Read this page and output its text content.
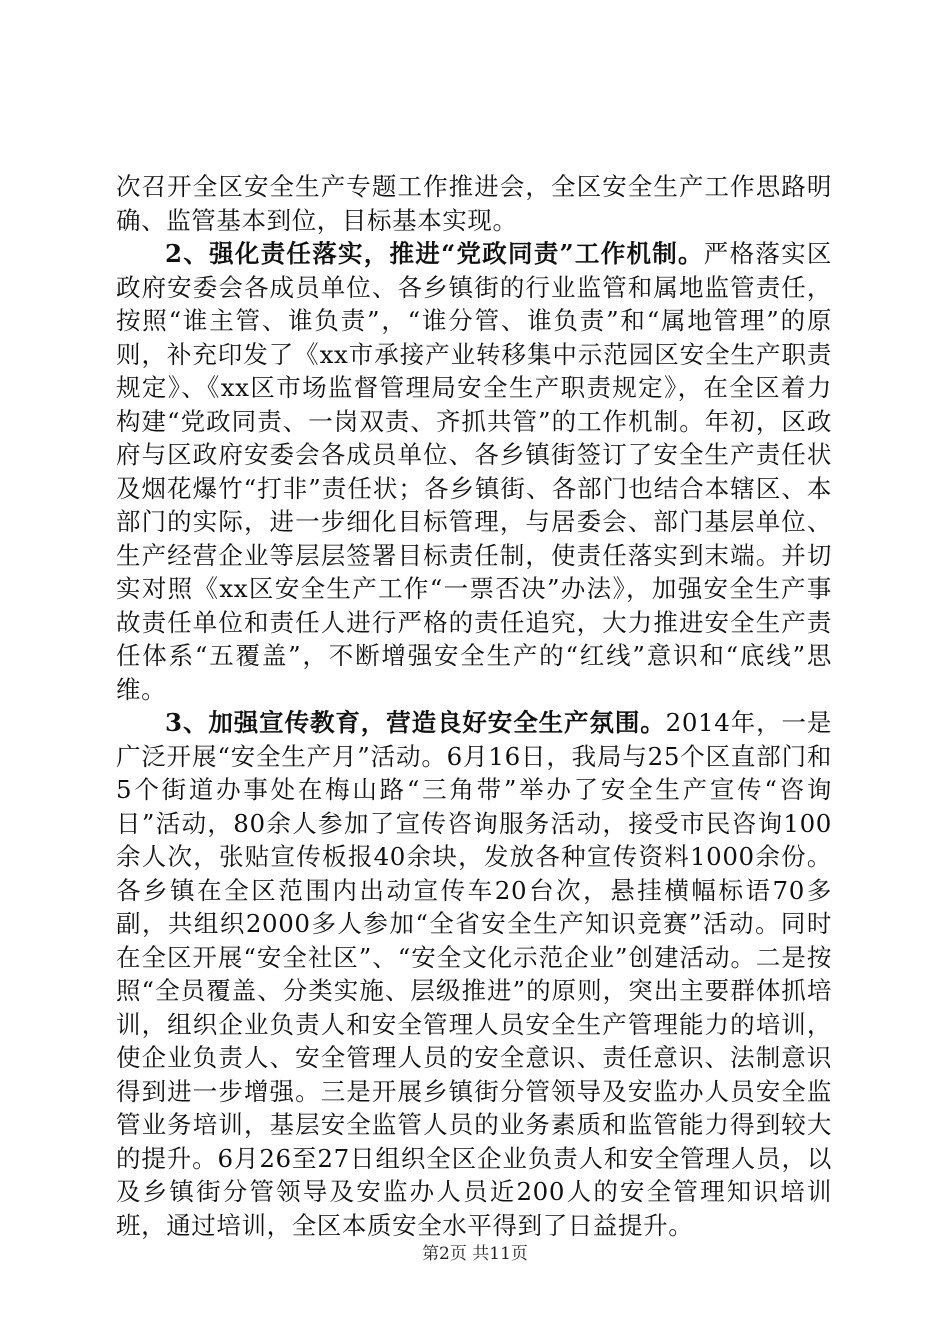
次召开全区安全生产专题工作推进会，全区安全生产工作思路明确、监管基本到位，目标基本实现。

2、强化责任落实，推进“党政同责”工作机制。严格落实区政府安委会各成员单位、各乡镇街的行业监管和属地监管责任，按照“谁主管、谁负责”，“谁分管、谁负责”和“属地管理”的原则，补充印发了《xx市承接产业转移集中示范园区安全生产职责规定》、《xx区市场监督管理局安全生产职责规定》，在全区着力构建“党政同责、一岗双责、齐抓共管”的工作机制。年初，区政府与区政府安委会各成员单位、各乡镇街签订了安全生产责任状及烟花爆竹“打非”责任状；各乡镇街、各部门也结合本辖区、本部门的实际，进一步细化目标管理，与居委会、部门基层单位、生产经营企业等层层签署目标责任制，使责任落实到末端。并切实对照《xx区安全生产工作“一票否决”办法》，加强安全生产事故责任单位和责任人进行严格的责任追究，大力推进安全生产责任体系“五覆盖”，不断增强安全生产的“红线”意识和“底线”思维。

3、加强宣传教育，营造良好安全生产氛围。2014年，一是广泛开展“安全生产月”活动。6月16日，我局与25个区直部门和5个街道办事处在梅山路“三角带”举办了安全生产宣传“咨询日”活动，80余人参加了宣传咨询服务活动，接受市民咨询100余人次，张贴宣传板报40余块，发放各种宣传资料1000余份。各乡镇在全区范围内出动宣传车20台次，悬挂横幅标语70多副，共组织2000多人参加“全省安全生产知识竞赛”活动。同时在全区开展“安全社区”、“安全文化示范企业”创建活动。二是按照“全员覆盖、分类实施、层级推进”的原则，突出主要群体抓培训，组织企业负责人和安全管理人员安全生产管理能力的培训，使企业负责人、安全管理人员的安全意识、责任意识、法制意识得到进一步增强。三是开展乡镇街分管领导及安监办人员安全监管业务培训，基层安全监管人员的业务素质和监管能力得到较大的提升。6月26至27日组织全区企业负责人和安全管理人员，以及乡镇街分管领导及安监办人员近200人的安全管理知识培训班，通过培训，全区本质安全水平得到了日益提升。

第2页 共11页
